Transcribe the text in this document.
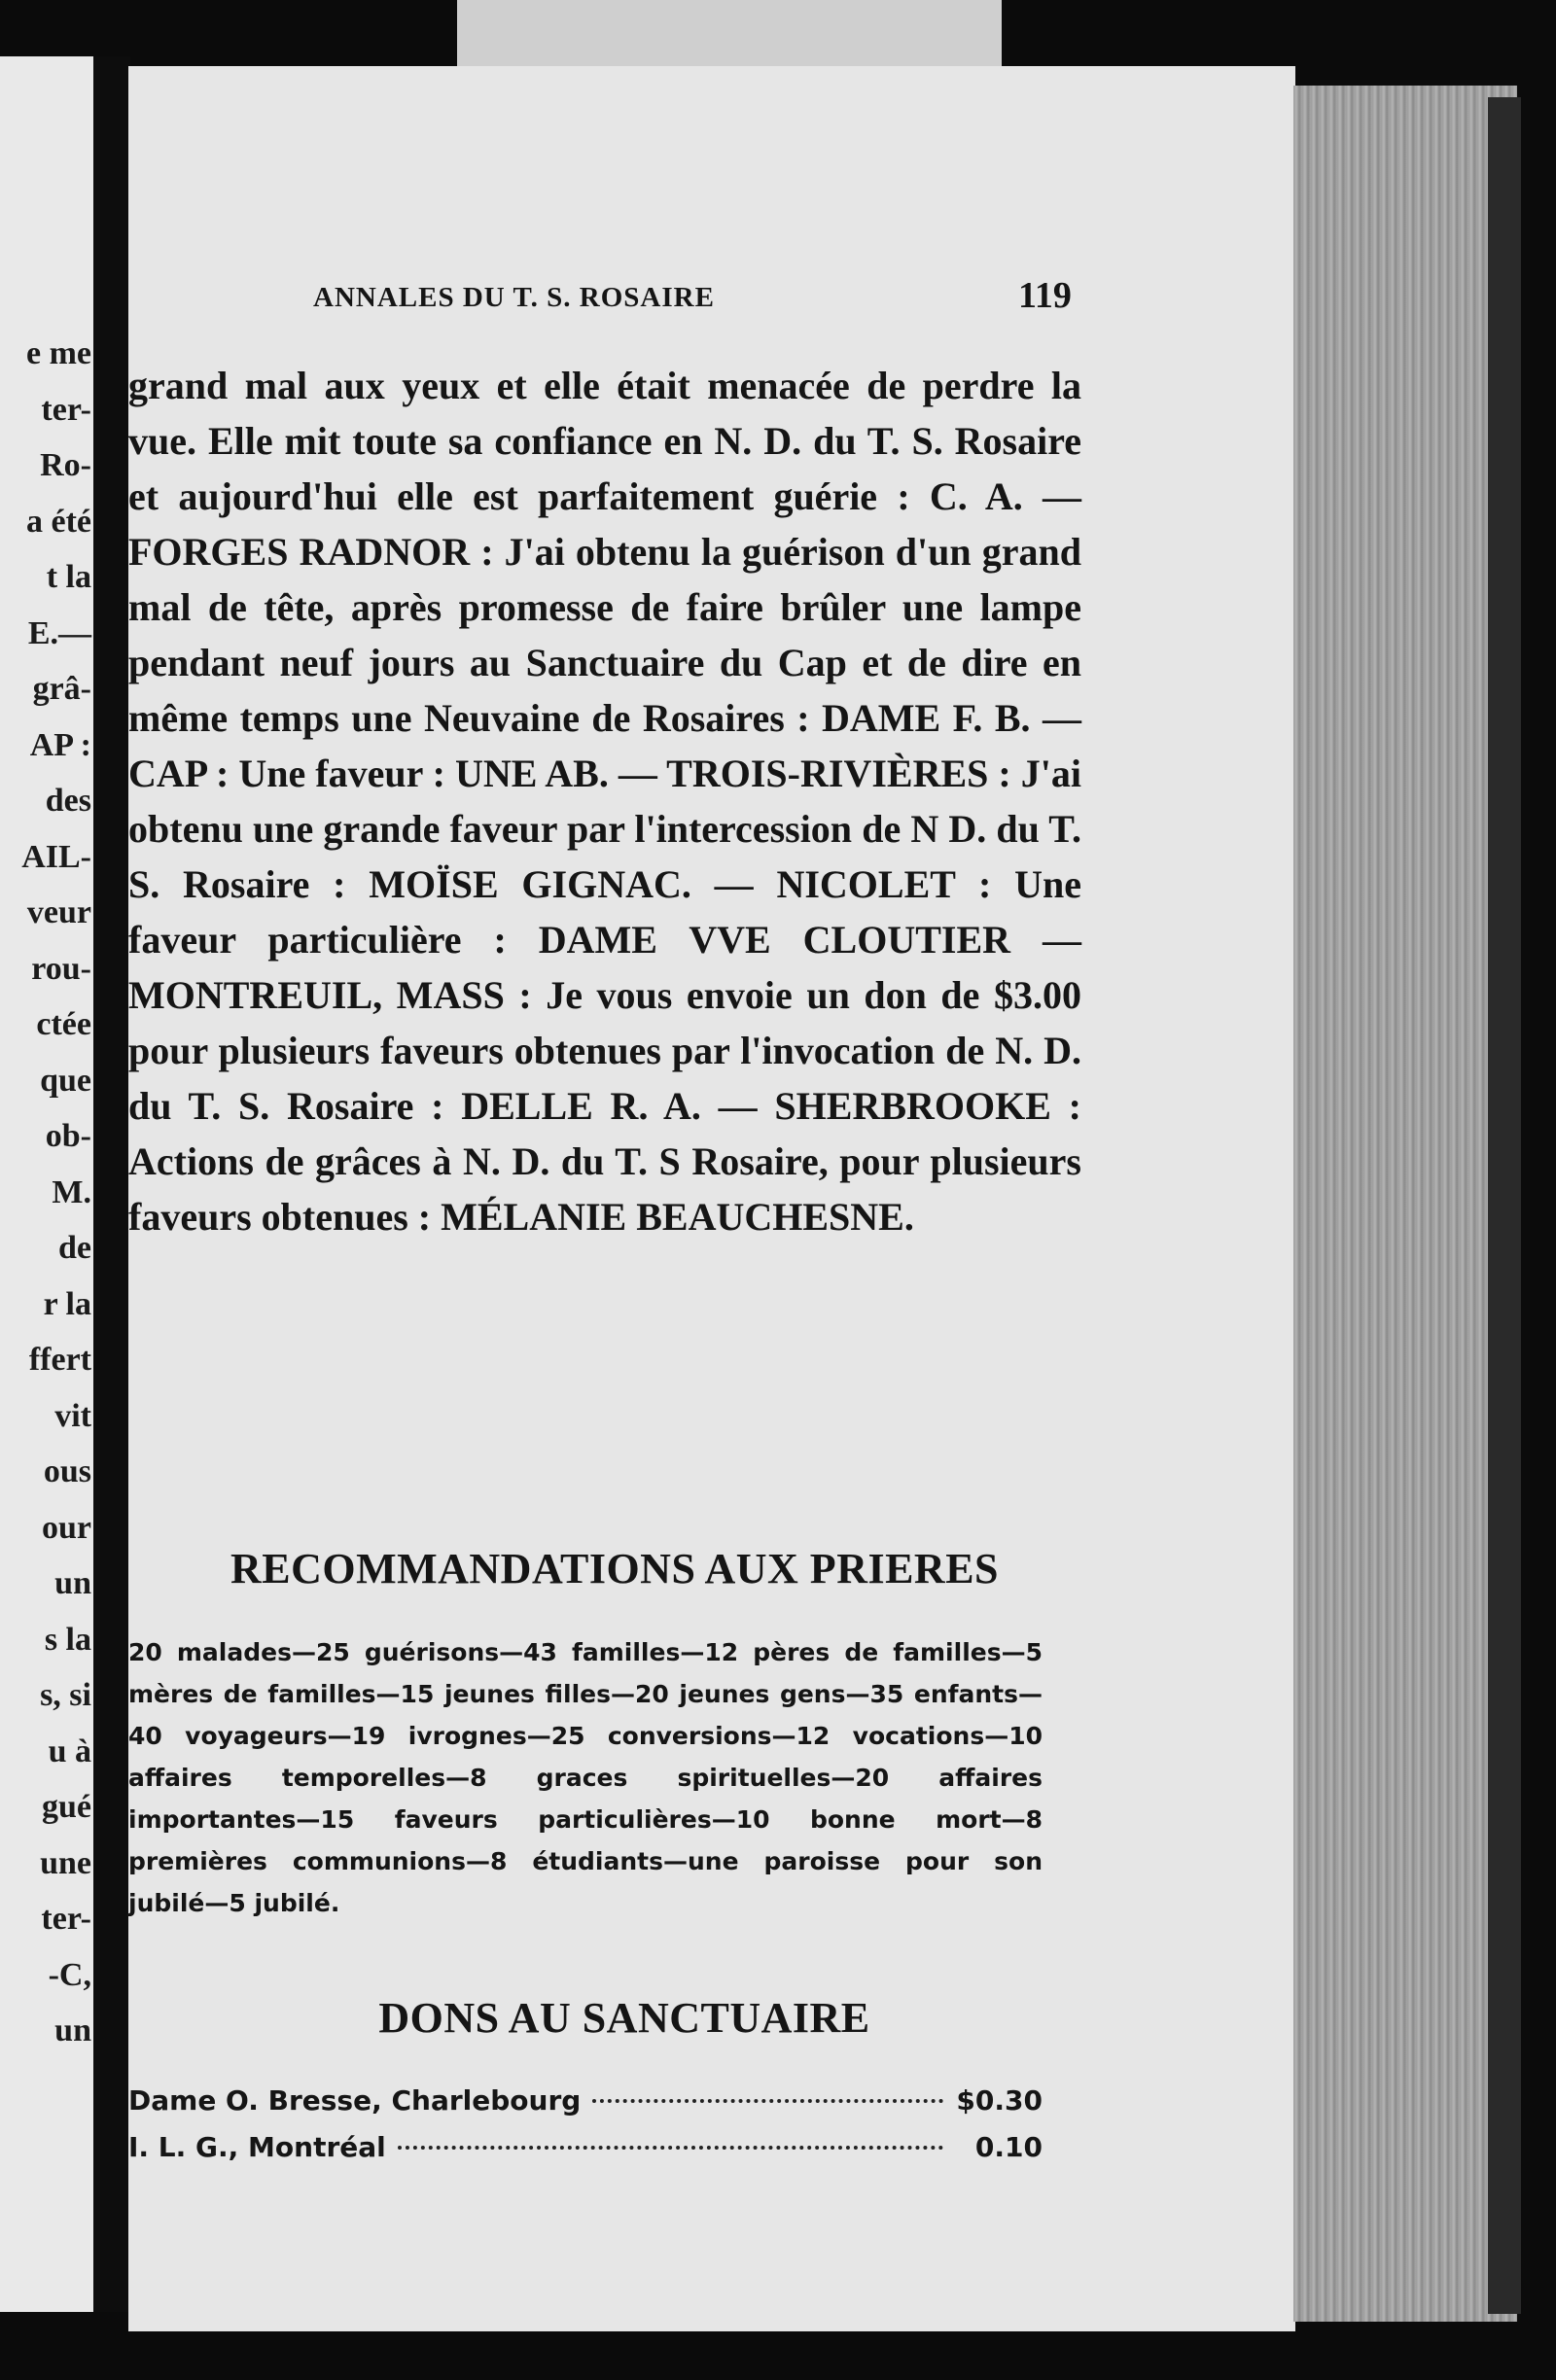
e me
ter-
Ro-
a été
t la
E.—
grâ-
AP :
des
AIL-
veur
rou-
ctée
que
ob-
M.
de
r la
ffert
vit
ous
our
un
s la
s, si
u à
gué
une
ter-
-C,
un
ANNALES DU T. S. ROSAIRE	119
grand mal aux yeux et elle était menacée de perdre la vue. Elle mit toute sa confiance en N. D. du T. S. Rosaire et aujourd'hui elle est parfaitement guérie : C. A. — FORGES RADNOR : J'ai obtenu la guérison d'un grand mal de tête, après promesse de faire brûler une lampe pendant neuf jours au Sanctuaire du Cap et de dire en même temps une Neuvaine de Rosaires : DAME F. B. — CAP : Une faveur : UNE AB. — TROIS-RIVIÈRES : J'ai obtenu une grande faveur par l'intercession de N D. du T. S. Rosaire : MOÏSE GIGNAC. — NICOLET : Une faveur particulière : DAME VVE CLOUTIER — MONTREUIL, MASS : Je vous envoie un don de $3.00 pour plusieurs faveurs obtenues par l'invocation de N. D. du T. S. Rosaire : DELLE R. A. — SHERBROOKE : Actions de grâces à N. D. du T. S Rosaire, pour plusieurs faveurs obtenues : MÉLANIE BEAUCHESNE.
RECOMMANDATIONS AUX PRIERES
20 malades—25 guérisons—43 familles—12 pères de familles—5 mères de familles—15 jeunes filles—20 jeunes gens—35 enfants—40 voyageurs—19 ivrognes—25 conversions—12 vocations—10 affaires temporelles—8 graces spirituelles—20 affaires importantes—15 faveurs particulières—10 bonne mort—8 premières communions—8 étudiants—une paroisse pour son jubilé—5 jubilé.
DONS AU SANCTUAIRE
Dame O. Bresse, Charlebourg	$0.30
I. L. G., Montréal	0.10
